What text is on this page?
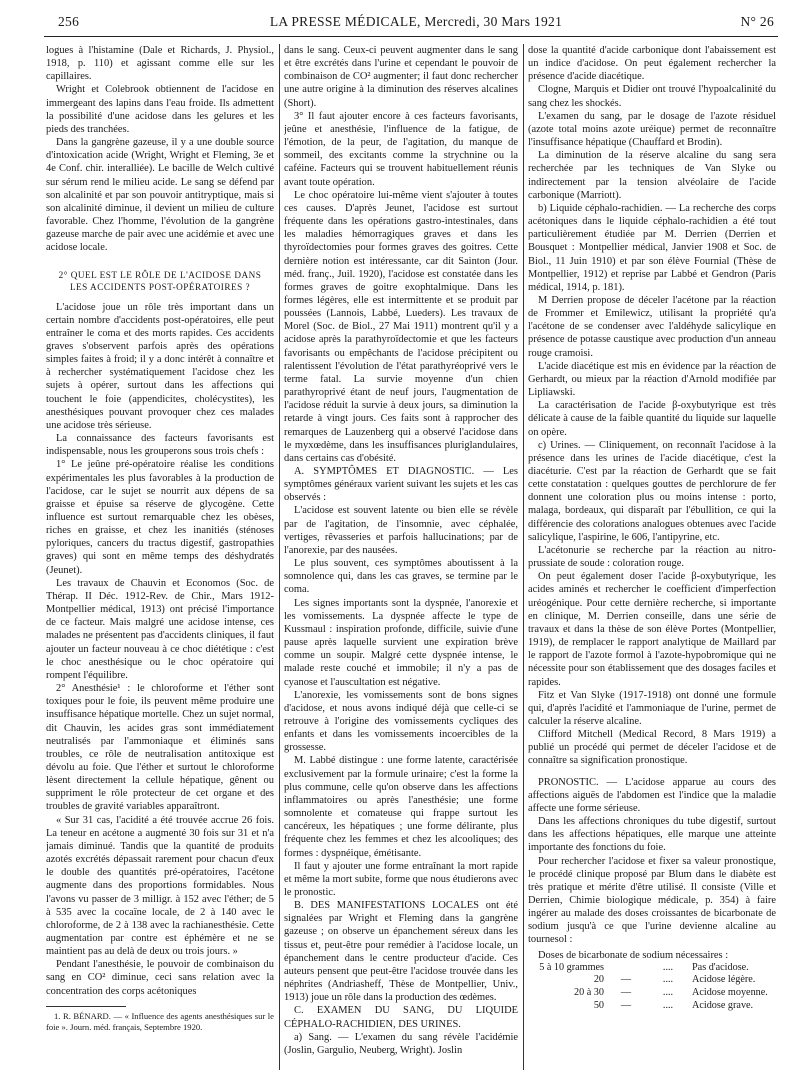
256	LA PRESSE MÉDICALE, Mercredi, 30 Mars 1921	N° 26

logues à l'histamine (Dale et Richards, J. Physiol., 1918, p. 110) et agissant comme elle sur les capillaires.

Wright et Colebrook obtiennent de l'acidose en immergeant des lapins dans l'eau froide. Ils admettent la possibilité d'une acidose dans les gelures et les pieds des tranchées.

Dans la gangrène gazeuse, il y a une double source d'intoxication acide (Wright, Wright et Fleming, 3e et 4e Conf. chir. interalliée). Le bacille de Welch cultivé sur sérum rend le milieu acide. Le sang se défend par son alcalinité et par son pouvoir antitryptique, mais si son alcalinité diminue, il devient un milieu de culture favorable. Chez l'homme, l'évolution de la gangrène gazeuse marche de pair avec une acidémie et avec une acidose locale.

2° QUEL EST LE RÔLE DE L'ACIDOSE DANS LES ACCIDENTS POST-OPÉRATOIRES ?

L'acidose joue un rôle très important dans un certain nombre d'accidents post-opératoires, elle peut entraîner le coma et des morts rapides. Ces accidents graves s'observent parfois après des opérations simples faites à froid; il y a donc intérêt à connaître et à rechercher systématiquement l'acidose chez les sujets à opérer, surtout dans les affections qui touchent le foie (appendicites, cholécystites), les anesthésiques pouvant provoquer chez ces malades une acidose très sérieuse.

La connaissance des facteurs favorisants est indispensable, nous les grouperons sous trois chefs :

1° Le jeûne pré-opératoire réalise les conditions expérimentales les plus favorables à la production de l'acidose, car le sujet se nourrit aux dépens de sa graisse et épuise sa réserve de glycogène. Cette influence est surtout remarquable chez les obèses, riches en graisse, et chez les inanitiés (sténoses pyloriques, cancers du tractus digestif, gastropathies graves) qui sont en même temps des déshydratés (Jeunet).

Les travaux de Chauvin et Economos (Soc. de Thérap. II Déc. 1912-Rev. de Chir., Mars 1912-Montpellier médical, 1913) ont précisé l'importance de ce facteur. Mais malgré une acidose intense, ces malades ne présentent pas d'accidents cliniques, il faut ajouter un facteur nouveau à ce choc diététique : c'est le choc anesthésique ou le choc opératoire qui rompent l'équilibre.

2° Anesthésie¹ : le chloroforme et l'éther sont toxiques pour le foie, ils peuvent même produire une insuffisance hépatique mortelle. Chez un sujet normal, dit Chauvin, les acides gras sont immédiatement neutralisés par l'ammoniaque et éliminés sans troubles, ce rôle de neutralisation antitoxique est dévolu au foie. Que l'éther et surtout le chloroforme lèsent directement la cellule hépatique, gênent ou suppriment le rôle protecteur de cet organe et des troubles de gravité variables apparaîtront.

« Sur 31 cas, l'acidité a été trouvée accrue 26 fois. La teneur en acétone a augmenté 30 fois sur 31 et n'a jamais diminué. Tandis que la quantité de produits azotés excrétés dépassait rarement pour chacun d'eux le double des quantités pré-opératoires, l'acétone augmente dans des proportions formidables. Nous l'avons vu passer de 3 milligr. à 152 avec l'éther; de 5 à 535 avec la cocaïne locale, de 2 à 140 avec le chloroforme, de 2 à 138 avec la rachianesthésie. Cette augmentation par contre est éphémère et ne se maintient pas au delà de deux ou trois jours. »

Pendant l'anesthésie, le pouvoir de combinaison du sang en CO² diminue, ceci sans relation avec la concentration des corps acétoniques

1. R. BÉNARD. — « Influence des agents anesthésiques sur le foie ». Journ. méd. français, Septembre 1920.

dans le sang. Ceux-ci peuvent augmenter dans le sang et être excrétés dans l'urine et cependant le pouvoir de combinaison de CO² augmenter; il faut donc rechercher une autre origine à la diminution des réserves alcalines (Short).

3° Il faut ajouter encore à ces facteurs favorisants, jeûne et anesthésie, l'influence de la fatigue, de l'émotion, de la peur, de l'agitation, du manque de sommeil, des excitants comme la strychnine ou la caféine. Facteurs qui se trouvent habituellement réunis avant toute opération.

Le choc opératoire lui-même vient s'ajouter à toutes ces causes. D'après Jeunet, l'acidose est surtout fréquente dans les opérations gastro-intestinales, dans les maladies hémorragiques graves et dans les thyroïdectomies pour formes graves des goitres. Cette dernière notion est intéressante, car dit Sainton (Jour. méd. franç., Juil. 1920), l'acidose est constatée dans les formes graves de goitre exophtalmique. Dans les formes légères, elle est intermittente et se produit par poussées (Lannois, Labbé, Lueders). Les travaux de Morel (Soc. de Biol., 27 Mai 1911) montrent qu'il y a acidose après la parathyroïdectomie et que les facteurs favorisants ou empêchants de l'acidose précipitent ou ralentissent l'évolution de l'état parathyréoprivé vers le terme fatal. La survie moyenne d'un chien parathyroprivé étant de neuf jours, l'augmentation de l'acidose réduit la survie à deux jours, sa diminution la retarde à vingt jours. Ces faits sont à rapprocher des remarques de Lauzenberg qui a observé l'acidose dans le myxœdème, dans les insuffisances pluriglandulaires, dans certains cas d'obésité.

A. SYMPTÔMES ET DIAGNOSTIC. — Les symptômes généraux varient suivant les sujets et les cas observés :

L'acidose est souvent latente ou bien elle se révèle par de l'agitation, de l'insomnie, avec céphalée, vertiges, rêvasseries et parfois hallucinations; par de l'anorexie, par des nausées.

Le plus souvent, ces symptômes aboutissent à la somnolence qui, dans les cas graves, se termine par le coma.

Les signes importants sont la dyspnée, l'anorexie et les vomissements. La dyspnée affecte le type de Kussmaul : inspiration profonde, difficile, suivie d'une pause après laquelle survient une expiration brève comme un soupir. Malgré cette dyspnée intense, le malade reste couché et immobile; il n'y a pas de cyanose et l'auscultation est négative.

L'anorexie, les vomissements sont de bons signes d'acidose, et nous avons indiqué déjà que celle-ci se retrouve à l'origine des vomissements cycliques des enfants et dans les vomissements incoercibles de la grossesse.

M. Labbé distingue : une forme latente, caractérisée exclusivement par la formule urinaire; c'est la forme la plus commune, celle qu'on observe dans les affections inflammatoires ou après l'anesthésie; une forme somnolente et comateuse qui frappe surtout les cancéreux, les hépatiques ; une forme délirante, plus fréquente chez les femmes et chez les alcooliques; des formes : dyspnéique, émétisante.

Il faut y ajouter une forme entraînant la mort rapide et même la mort subite, forme que nous étudierons avec le pronostic.

B. DES MANIFESTATIONS LOCALES ont été signalées par Wright et Fleming dans la gangrène gazeuse ; on observe un épanchement séreux dans les tissus et, peut-être pour remédier à l'acidose locale, un épanchement dans le centre producteur d'acide. Ces auteurs pensent que peut-être l'acidose trouvée dans les néphrites (Andriasheff, Thèse de Montpellier, Univ., 1913) joue un rôle dans la production des œdèmes.

C. EXAMEN DU SANG, DU LIQUIDE CÉPHALO-RACHIDIEN, DES URINES.

a) Sang. — L'examen du sang révèle l'acidémie (Joslin, Gargulio, Neuberg, Wright). Joslin

dose la quantité d'acide carbonique dont l'abaissement est un indice d'acidose. On peut également rechercher la présence d'acide diacétique.

Clogne, Marquis et Didier ont trouvé l'hypoalcalinité du sang chez les shockés.

L'examen du sang, par le dosage de l'azote résiduel (azote total moins azote uréique) permet de reconnaître l'insuffisance hépatique (Chauffard et Brodin).

La diminution de la réserve alcaline du sang sera recherchée par les techniques de Van Slyke ou indirectement par la tension alvéolaire de l'acide carbonique (Marriott).

b) Liquide céphalo-rachidien. — La recherche des corps acétoniques dans le liquide céphalo-rachidien a été tout particulièrement étudiée par M. Derrien (Derrien et Bousquet : Montpellier médical, Janvier 1908 et Soc. de Biol., 11 Juin 1910) et par son élève Fournial (Thèse de Montpellier, 1912) et reprise par Labbé et Gendron (Paris médical, 1914, p. 181).

M Derrien propose de déceler l'acétone par la réaction de Frommer et Emilewicz, utilisant la propriété qu'a l'acétone de se condenser avec l'aldéhyde salicylique en présence de potasse caustique avec production d'un anneau rouge cramoisi.

L'acide diacétique est mis en évidence par la réaction de Gerhardt, ou mieux par la réaction d'Arnold modifiée par Lipliawski.

La caractérisation de l'acide β-oxybutyrique est très délicate à cause de la faible quantité du liquide sur laquelle on opère.

c) Urines. — Cliniquement, on reconnaît l'acidose à la présence dans les urines de l'acide diacétique, c'est la diacéturie. C'est par la réaction de Gerhardt que se fait cette constatation : quelques gouttes de perchlorure de fer donnent une coloration plus ou moins intense : porto, malaga, bordeaux, qui disparaît par l'ébullition, ce qui la différencie des colorations analogues obtenues avec l'acide salicylique, l'aspirine, le 606, l'antipyrine, etc.

L'acétonurie se recherche par la réaction au nitro-prussiate de soude : coloration rouge.

On peut également doser l'acide β-oxybutyrique, les acides aminés et rechercher le coefficient d'imperfection uréogénique. Pour cette dernière recherche, si importante en clinique, M. Derrien conseille, dans une série de travaux et dans la thèse de son élève Portes (Montpellier, 1919), de remplacer le rapport analytique de Maillard par le rapport de l'azote formol à l'azote-hypobromique qui ne nécessite pour son établissement que des dosages faciles et rapides.

Fitz et Van Slyke (1917-1918) ont donné une formule qui, d'après l'acidité et l'ammoniaque de l'urine, permet de calculer la réserve alcaline.

Clifford Mitchell (Medical Record, 8 Mars 1919) a publié un procédé qui permet de déceler l'acidose et de connaître sa signification pronostique.

PRONOSTIC. — L'acidose apparue au cours des affections aiguës de l'abdomen est l'indice que la maladie affecte une forme sérieuse.

Dans les affections chroniques du tube digestif, surtout dans les affections hépatiques, elle marque une atteinte importante des fonctions du foie.

Pour rechercher l'acidose et fixer sa valeur pronostique, le procédé clinique proposé par Blum dans le diabète est très pratique et mérite d'être utilisé. Il consiste (Ville et Derrien, Chimie biologique médicale, p. 354) à faire ingérer au malade des doses croissantes de bicarbonate de sodium jusqu'à ce que l'urine devienne alcaline au tournesol :

Doses de bicarbonate de sodium nécessaires :

5 à 10 grammes		....	Pas d'acidose.
20	—	....	Acidose légère.
20 à 30	—	....	Acidose moyenne.
50	—	....	Acidose grave.
